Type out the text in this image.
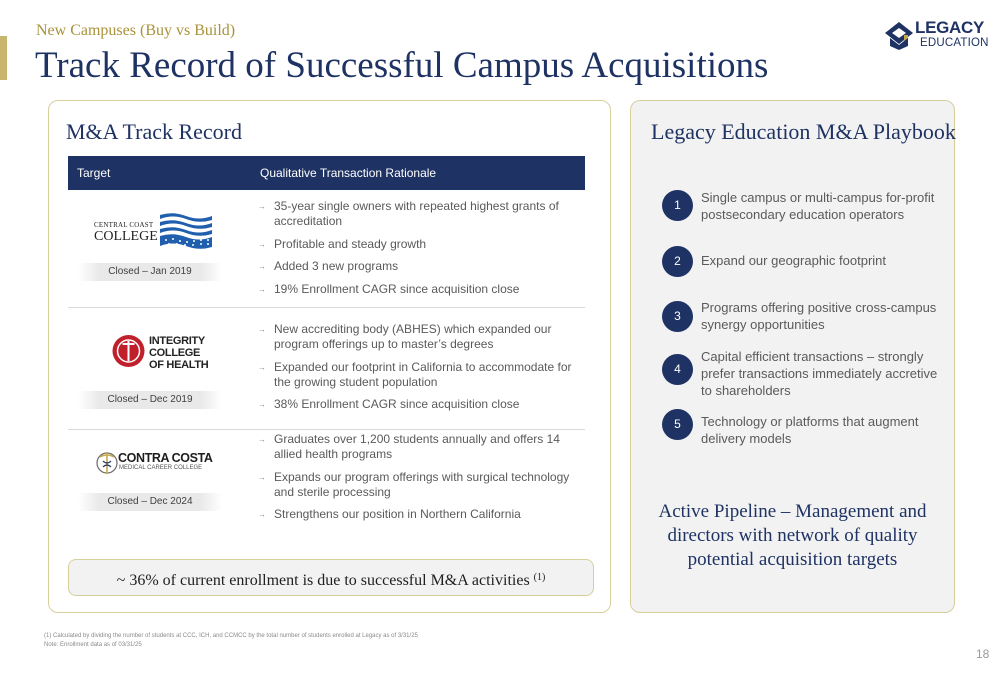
New Campuses (Buy vs Build)
Track Record of Successful Campus Acquisitions
LEGACY
EDUCATION
M&A Track Record
Target	Qualitative Transaction Rationale
CENTRAL COAST
COLLEGE
Closed – Jan 2019
→ 35-year single owners with repeated highest grants of accreditation
→ Profitable and steady growth
→ Added 3 new programs
→ 19% Enrollment CAGR since acquisition close
INTEGRITY
COLLEGE
OF HEALTH
Closed – Dec 2019
→ New accrediting body (ABHES) which expanded our program offerings up to master’s degrees
→ Expanded our footprint in California to accommodate for the growing student population
→ 38% Enrollment CAGR since acquisition close
CONTRA COSTA
MEDICAL CAREER COLLEGE
Closed – Dec 2024
→ Graduates over 1,200 students annually and offers 14 allied health programs
→ Expands our program offerings with surgical technology and sterile processing
→ Strengthens our position in Northern California
~ 36% of current enrollment is due to successful M&A activities $^{(1)}$
Legacy Education M&A Playbook
1	Single campus or multi-campus for-profit postsecondary education operators
2	Expand our geographic footprint
3
Programs offering positive cross-campus synergy opportunities
4
Capital efficient transactions – strongly prefer transactions immediately accretive to shareholders
5	Technology or platforms that augment delivery models
Active Pipeline – Management and directors with network of quality potential acquisition targets
(1) Calculated by dividing the number of students at CCC, ICH, and CCMCC by the total number of students enrolled at Legacy as of 3/31/25
Note: Enrollment data as of 03/31/25
18
